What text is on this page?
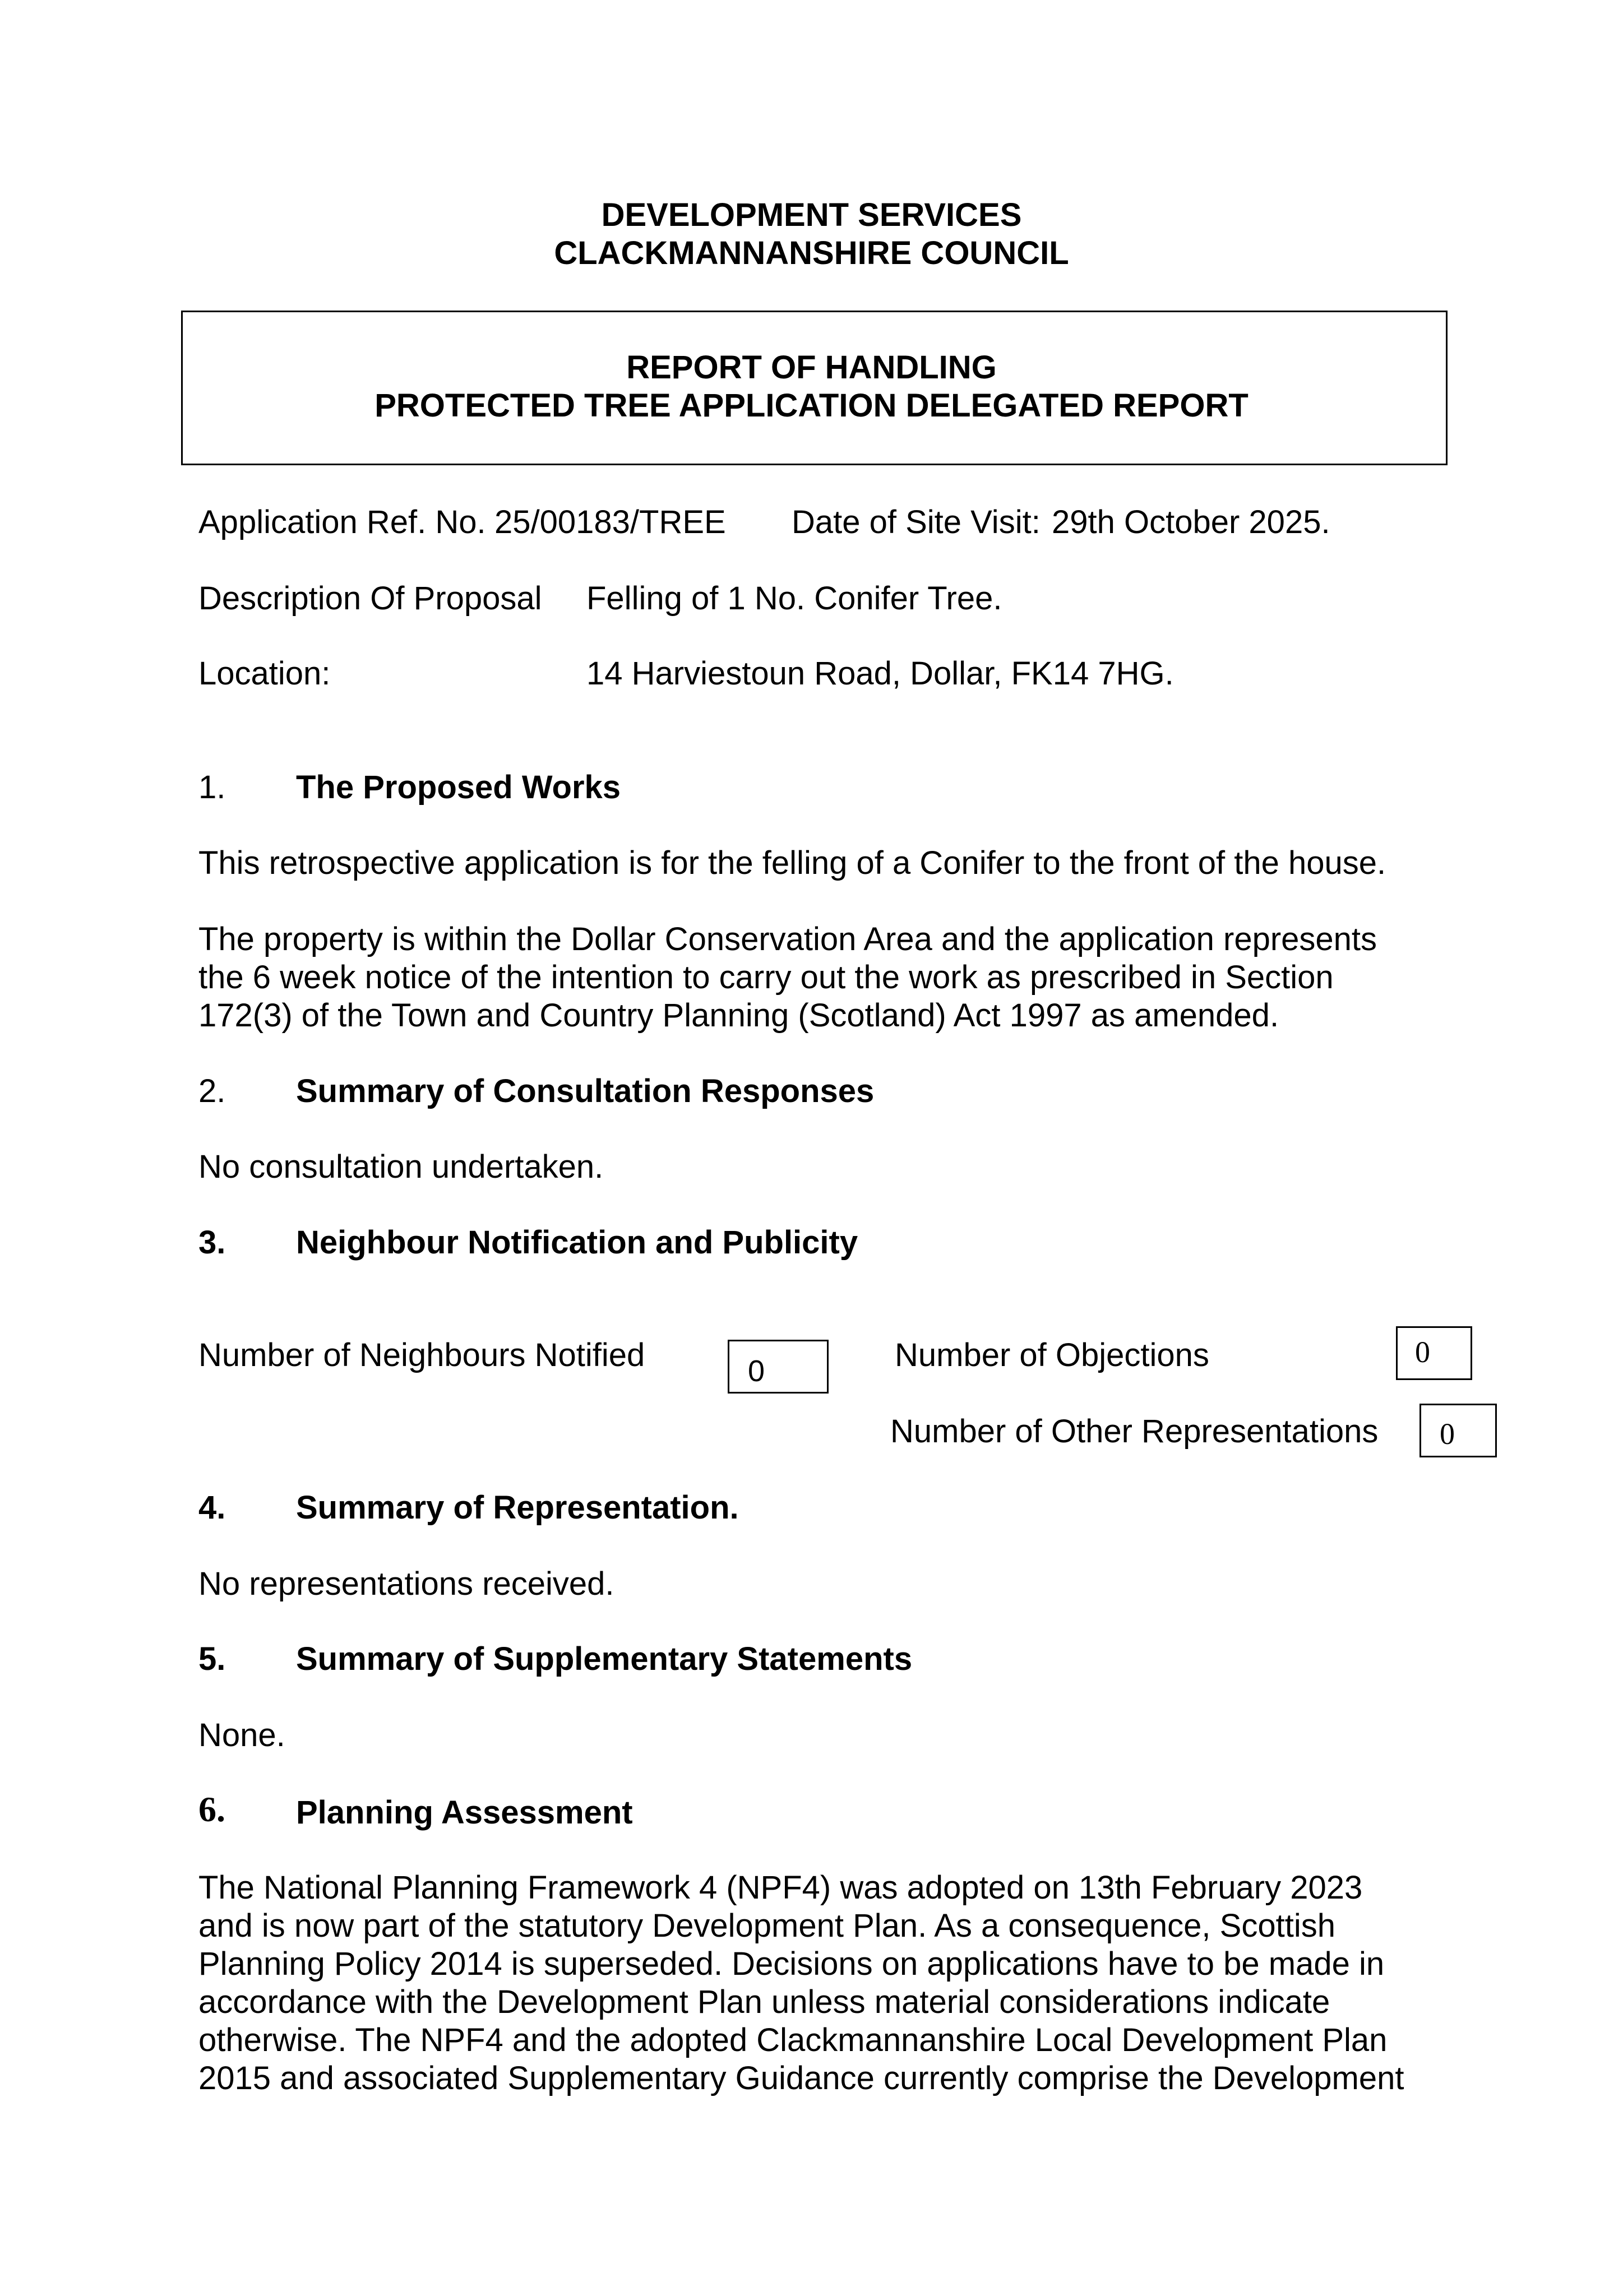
DEVELOPMENT SERVICES
CLACKMANNANSHIRE COUNCIL
REPORT OF HANDLING
PROTECTED TREE APPLICATION DELEGATED REPORT
Application Ref. No. 25/00183/TREE Date of Site Visit: 29th October 2025.
Description Of Proposal Felling of 1 No. Conifer Tree.
Location:	14 Harviestoun Road, Dollar, FK14 7HG.
1. The Proposed Works
This retrospective application is for the felling of a Conifer to the front of the house.
The property is within the Dollar Conservation Area and the application represents
the 6 week notice of the intention to carry out the work as prescribed in Section
172(3) of the Town and Country Planning (Scotland) Act 1997 as amended.
2. Summary of Consultation Responses
No consultation undertaken.
3. Neighbour Notification and Publicity
Number of Neighbours Notified	0	Number of Objections	0
Number of Other Representations 0
4. Summary of Representation.
No representations received.
5. Summary of Supplementary Statements
None.
6. Planning Assessment
The National Planning Framework 4 (NPF4) was adopted on 13th February 2023
and is now part of the statutory Development Plan. As a consequence, Scottish
Planning Policy 2014 is superseded. Decisions on applications have to be made in
accordance with the Development Plan unless material considerations indicate
otherwise. The NPF4 and the adopted Clackmannanshire Local Development Plan
2015 and associated Supplementary Guidance currently comprise the Development
